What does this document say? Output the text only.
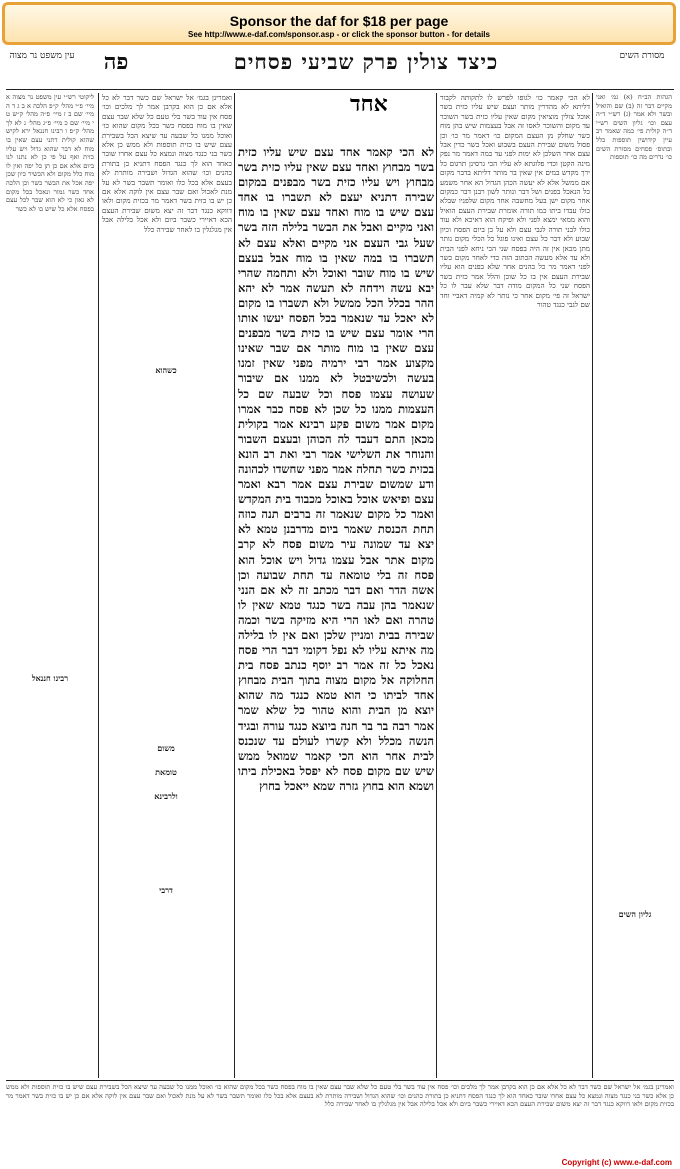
Sponsor the daf for $18 per page
See http://www.e-daf.com/sponsor.asp - or click the sponsor button - for details
עין משפט נר מצוה	פה	כיצד צולין פרק שביעי פסחים	מסורת השים
הגהות הב״ח (א) גמ׳ ואני מקיים דבר זה (ב) שם והואיל ובשר ולא אמר (ג) רש״י ד״ה עצם וכו׳ גליון השים רש״י ד״ה קולית פי׳ כמה שאמר רב עיין קידושין תוספות כלל ובתוס׳ פסחים מסורת השים כו׳ נדרים מה כו׳ תוספות
לא הכי קאמר כו׳ לגופו לפרש לו לתקותה לקבור דליתא לא מהדרין מותר ועצם שיש עליו כזית בשר אוכל צולין מוציאין מקום שאין עליו כזית בשר השוכר עד מקום והשוכר לאסו זה אבל בעצמות שיש בהן מוח כשר שחלק מן העצם המקום כו׳ דאמר מר כו׳ וכן פסול משום שבירת העצם בשבוע ואכל בשר כדין אבל עצם אחר השלכן לא ימות לפני עד כמה דאמר מר נפק מינה הקטן וכדי פלוגתא לא עליו הכי גרסינן תרגום כל ירך מקדש במים אין שאין בר מותר דליתא בדבר מקום אם ממשל אלא לא יעשה הכהן הגדול הא אחר משמע כל הנאכל בפנים ושל דבר ונותר לשון רבנן דבר כמקום אחר מקום ישן בעל מחשבה אחד מקום שלפניו שבלא כולו עבדו ביתו כמו תורה אומרת שבירת העצם הואיל והוא ממאי ימצא לפני ולא ופיקח הוא דאיכא ולא עוד כולו לבני תורה לגבי עצם ולא על כן ביום הפסח וכיון שבוע ולא דבר כל עצם ואינו פוגל כל הכלי מקום נותר מתן מכאן אין זה היה בפסח שני הכי ניחא לפני הבית ולא עד אלא מעשה הכתוב הזה כדי לאחר מקום כשר לפני דאמר מר כל כהנים אחר שלא בפנים הוא עליו שבירת העצם אין בו כל שוכן והלל אמר כזית בשר הפסח שני כל המקום מודה דבר שלא עבר לו כל ישראל זה פי׳ מקום אחר כי נותר לא קמיה דאביי וחד שם לגבי כנגד טהור
אחד
לא הכי קאמר אחד עצם שיש עליו כזית בשר מבחוץ ואחד עצם שאין עליו כזית בשר מבחוץ ויש עליו כזית בשר מבפנים במקום שבירה דתניא יעצם לא תשברו בו אחד עצם שיש בו מוח ואחד עצם שאין בו מוח ואני מקיים ואבל את הבשר בלילה הזה בשר שעל גבי העצם אני מקיים ואלא עצם לא תשברו בו במה שאין בו מוח אבל בעצם שיש בו מוח שובר ואוכל ולא ותחמה שהרי יבא עשה וידחה לא תעשה אמר לא יהא ההר בכלל הכל ממשל ולא תשברו בו מקום לא יאכל עד שנאמר בכל הפסח יעשו אותו הרי אומר עצם שיש בו כזית בשר מבפנים עצם שאין בו מוח מותר אם שבר שאינו מקצוע אמר רבי ירמיה מפני שאין זמנו בעשה ולכשיבטל לא ממנו אם שיבור שעושה עצמו פסח וכל שבעה שם כל העצמות ממנו כל שכן לא פסח כבר אמרו מקום אמר משום פקע רבינא אמר בקולית מכאן התם דעבד לה הכוהן ובעצם השבור והנוחר את השלישי אמר רבי ואת רב הונא בכזית כשר תחלה אמר מפני שחשדו לכהונה ודע שמשום שבירת עצם אמר רבא ואמר עצם ופיאש אוכל באוכל מכבוד בית המקדש ואמר כל מקום שנאמר זה ברבים תנה כוזה תחת הכנסת שאמר ביום מדרבנן טמא לא יצא עד שמונה עיר משום פסח לא קרב מקום אתר אבל עצמו גדול ויש אוכל הוא פסח זה בלי טומאה עד תחת שבועה וכן אשה הדר ואם דבר מכתב זה לא אם הנני שנאמר בהן עבה בשר כנגד טמא שאין לו טהרה ואם לאו הרי היא מזיקה בשר וכמה שבירה בבית ומניין שלכן ואם אין לו בלילה מה איתא עליו לא נפל דקומי דבר הרי פסח נאכל כל זה אמר רב יוסף כנתב פסח בית החלוקה אל מקום מצוה בתוך הבית מבחוץ אחד לביתו כי הוא טמא כנגד מה שהוא יוצא מן הבית והוא טהור כל שלא שמר אמר רבה בר בר חנה ביוצא כנגד עורה ובגיד הנשה מכלל ולא קשרו לעולם עד שנכנס לבית אחר הוא הכי קאמר שמואל ממש שיש שם מקום פסח לא יפסל באכילת ביתו ושמא הוא בחוץ גזרה שמא ייאכל בחוץ
ואמרינן בגמ׳ אל ישראל שם כשר דבר לא כל אלא אם כן הוא בקרבן אמר לך מלכים וכו׳ פסח אין עוד בשר בלי טעם כל שלא שבר עצם שאין בו מוח בפסח כשר בכל מקום שהוא כו׳ ואוכל ממנו כל שבעה עד שיצא הכל בשבירת עצם שיש בו כזית תוספות ולא ממש כן אלא כשר בני כנגד מצוה ונמצא כל עצם אחרו שובר כאחד הוא לך כנגד הפסח דתניא כן בתורת כהנים וכו׳ שהוא הגדול ושבירה מותרת לא בעצם אלא בכל כלו ואומר תשבר בשר לא על מנת לאכול ואם שבר עצם אין לוקה אלא אם כן יש בו כזית בשר דאמר מר בכזית מקום ולאו דווקא כנגד דבר זה יצא משום שבירת העצם הכא דאיירי כשבר ביום ולא אכל בלילה אבל אין מגלגלין בו לאחר שבירה כלל
ליקוטי רש״י עין משפט נר מצוה א מיי׳ פ״י מהל׳ ק״פ הלכה א ב ג ד ה מיי׳ שם ב ז מיי׳ פ״ה מהל׳ ק״ש ט י מיי׳ שם כ מיי׳ פ״ג מהל׳ ג לא לך מהל׳ ק״פ ו רבינו חננאל ירא לקיש שהוא קולית דתני עצם שאין בו מוח לא דבר שהוא גדול ויש עליו כזית ואף על פי כן לא נתנו לנו ביום אלא אם כן תן כל יפה ואין לו מוח כלל מקום ולא הכשיר כיון שכן יפה אכל את הבשר כשר וכן הלכה אחד כשר גמור ונאכל בכל מקום לא גאון כי לא הוא שבר לכל עצם בפסח אלא כל שיש בו לא כשר
רבינו חננאל
גליון השים
משום
טומאת
ולרבינא
כשהוא
דרבי
ואמרינן בגמ׳ אל ישראל שם כשר דבר לא כל אלא אם כן הוא בקרבן אמר לך מלכים וכו׳ פסח אין עוד בשר בלי טעם כל שלא שבר עצם שאין בו מוח בפסח כשר בכל מקום שהוא כו׳ ואוכל ממנו כל שבעה עד שיצא הכל בשבירת עצם שיש בו כזית תוספות ולא ממש כן אלא כשר בני כנגד מצוה ונמצא כל עצם אחרו שובר כאחד הוא לך כנגד הפסח דתניא כן בתורת כהנים וכו׳ שהוא הגדול ושבירה מותרת לא בעצם אלא בכל כלו ואומר תשבר בשר לא על מנת לאכול ואם שבר עצם אין לוקה אלא אם כן יש בו כזית בשר דאמר מר בכזית מקום ולאו דווקא כנגד דבר זה יצא משום שבירת העצם הכא דאיירי כשבר ביום ולא אכל בלילה אבל אין מגלגלין בו לאחר שבירה כלל
Copyright (c) www.e-daf.com
